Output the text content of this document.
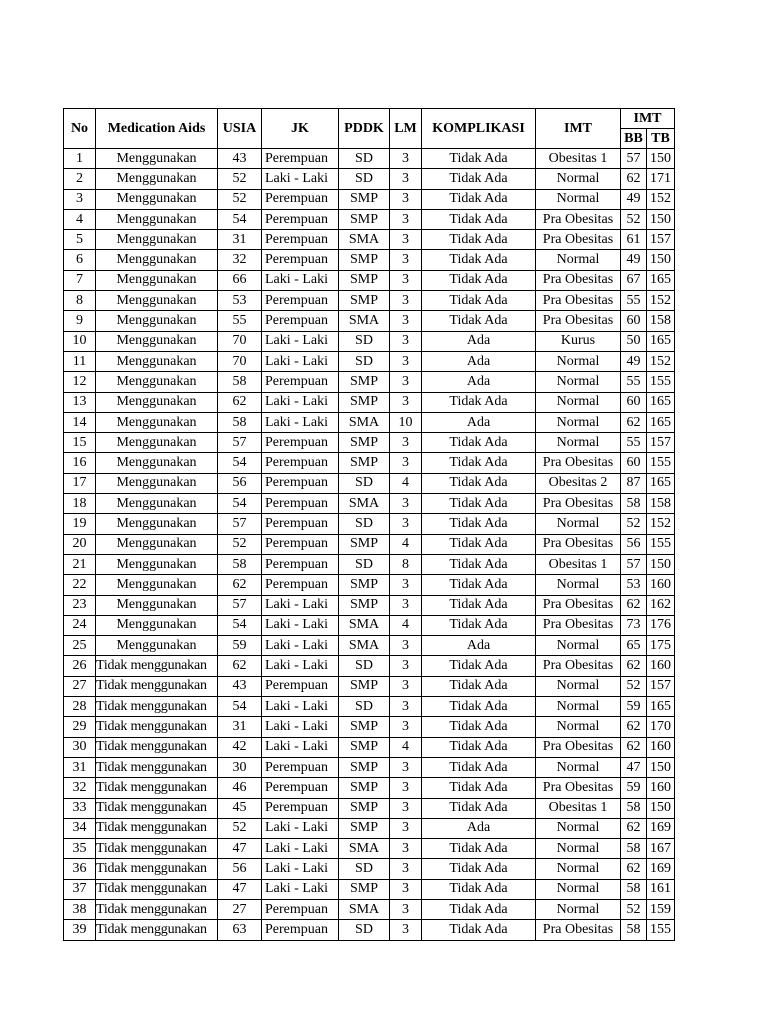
No	Medication Aids	USIA	JK	PDDK	LM	KOMPLIKASI	IMT	IMT	
								BB	TB
1	Menggunakan	43	Perempuan	SD	3	Tidak Ada	Obesitas 1	57	150
2	Menggunakan	52	Laki - Laki	SD	3	Tidak Ada	Normal	62	171
3	Menggunakan	52	Perempuan	SMP	3	Tidak Ada	Normal	49	152
4	Menggunakan	54	Perempuan	SMP	3	Tidak Ada	Pra Obesitas	52	150
5	Menggunakan	31	Perempuan	SMA	3	Tidak Ada	Pra Obesitas	61	157
6	Menggunakan	32	Perempuan	SMP	3	Tidak Ada	Normal	49	150
7	Menggunakan	66	Laki - Laki	SMP	3	Tidak Ada	Pra Obesitas	67	165
8	Menggunakan	53	Perempuan	SMP	3	Tidak Ada	Pra Obesitas	55	152
9	Menggunakan	55	Perempuan	SMA	3	Tidak Ada	Pra Obesitas	60	158
10	Menggunakan	70	Laki - Laki	SD	3	Ada	Kurus	50	165
11	Menggunakan	70	Laki - Laki	SD	3	Ada	Normal	49	152
12	Menggunakan	58	Perempuan	SMP	3	Ada	Normal	55	155
13	Menggunakan	62	Laki - Laki	SMP	3	Tidak Ada	Normal	60	165
14	Menggunakan	58	Laki - Laki	SMA	10	Ada	Normal	62	165
15	Menggunakan	57	Perempuan	SMP	3	Tidak Ada	Normal	55	157
16	Menggunakan	54	Perempuan	SMP	3	Tidak Ada	Pra Obesitas	60	155
17	Menggunakan	56	Perempuan	SD	4	Tidak Ada	Obesitas 2	87	165
18	Menggunakan	54	Perempuan	SMA	3	Tidak Ada	Pra Obesitas	58	158
19	Menggunakan	57	Perempuan	SD	3	Tidak Ada	Normal	52	152
20	Menggunakan	52	Perempuan	SMP	4	Tidak Ada	Pra Obesitas	56	155
21	Menggunakan	58	Perempuan	SD	8	Tidak Ada	Obesitas 1	57	150
22	Menggunakan	62	Perempuan	SMP	3	Tidak Ada	Normal	53	160
23	Menggunakan	57	Laki - Laki	SMP	3	Tidak Ada	Pra Obesitas	62	162
24	Menggunakan	54	Laki - Laki	SMA	4	Tidak Ada	Pra Obesitas	73	176
25	Menggunakan	59	Laki - Laki	SMA	3	Ada	Normal	65	175
26	Tidak menggunakan	62	Laki - Laki	SD	3	Tidak Ada	Pra Obesitas	62	160
27	Tidak menggunakan	43	Perempuan	SMP	3	Tidak Ada	Normal	52	157
28	Tidak menggunakan	54	Laki - Laki	SD	3	Tidak Ada	Normal	59	165
29	Tidak menggunakan	31	Laki - Laki	SMP	3	Tidak Ada	Normal	62	170
30	Tidak menggunakan	42	Laki - Laki	SMP	4	Tidak Ada	Pra Obesitas	62	160
31	Tidak menggunakan	30	Perempuan	SMP	3	Tidak Ada	Normal	47	150
32	Tidak menggunakan	46	Perempuan	SMP	3	Tidak Ada	Pra Obesitas	59	160
33	Tidak menggunakan	45	Perempuan	SMP	3	Tidak Ada	Obesitas 1	58	150
34	Tidak menggunakan	52	Laki - Laki	SMP	3	Ada	Normal	62	169
35	Tidak menggunakan	47	Laki - Laki	SMA	3	Tidak Ada	Normal	58	167
36	Tidak menggunakan	56	Laki - Laki	SD	3	Tidak Ada	Normal	62	169
37	Tidak menggunakan	47	Laki - Laki	SMP	3	Tidak Ada	Normal	58	161
38	Tidak menggunakan	27	Perempuan	SMA	3	Tidak Ada	Normal	52	159
39	Tidak menggunakan	63	Perempuan	SD	3	Tidak Ada	Pra Obesitas	58	155
